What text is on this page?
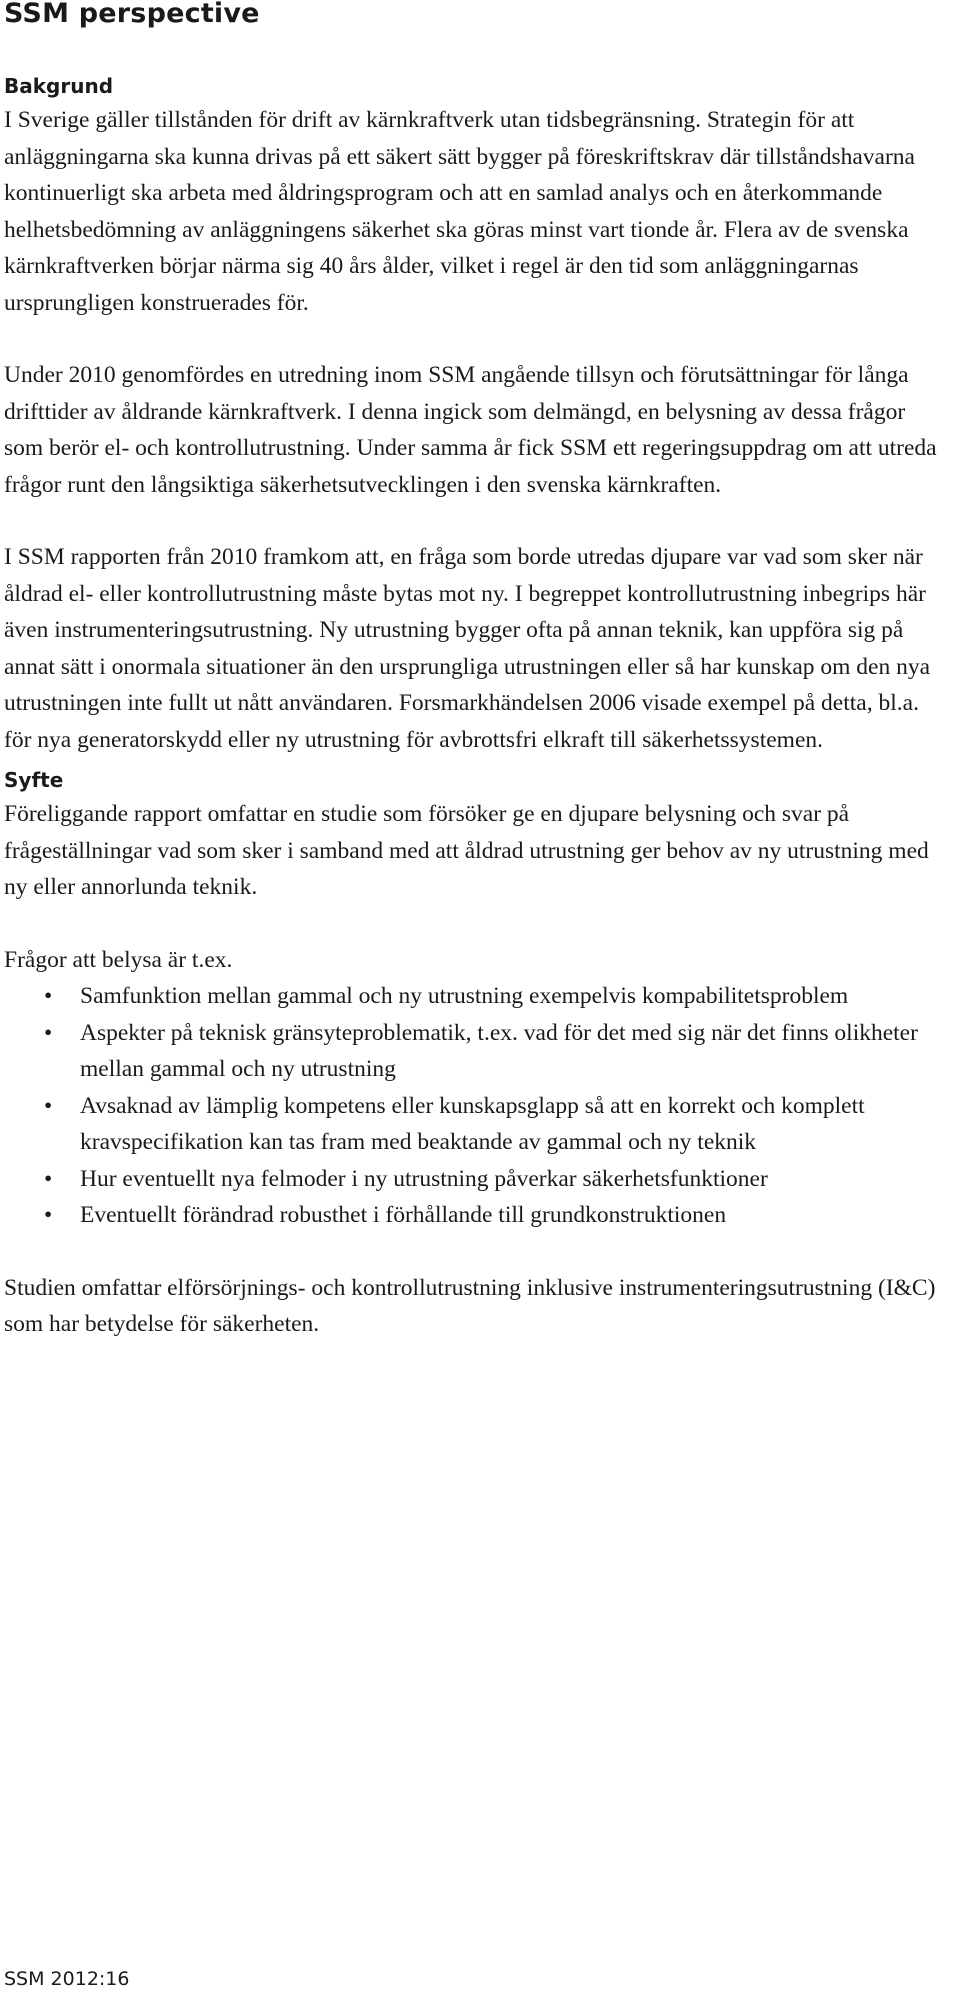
SSM perspective
Bakgrund

I Sverige gäller tillstånden för drift av kärnkraftverk utan tidsbegränsning. Strategin för att anläggningarna ska kunna drivas på ett säkert sätt bygger på föreskriftskrav där tillståndshavarna kontinuerligt ska arbeta med åldringsprogram och att en samlad analys och en återkommande helhetsbedömning av anläggningens säkerhet ska göras minst vart tionde år. Flera av de svenska kärnkraftverken börjar närma sig 40 års ålder, vilket i regel är den tid som anläggningarnas ursprungligen konstruerades för.

Under 2010 genomfördes en utredning inom SSM angående tillsyn och förutsättningar för långa drifttider av åldrande kärnkraftverk. I denna ingick som delmängd, en belysning av dessa frågor som berör el- och kontrollutrustning. Under samma år fick SSM ett regeringsuppdrag om att utreda frågor runt den långsiktiga säkerhetsutvecklingen i den svenska kärnkraften.

I SSM rapporten från 2010 framkom att, en fråga som borde utredas djupare var vad som sker när åldrad el- eller kontrollutrustning måste bytas mot ny. I begreppet kontrollutrustning inbegrips här även instrumenteringsutrustning. Ny utrustning bygger ofta på annan teknik, kan uppföra sig på annat sätt i onormala situationer än den ursprungliga utrustningen eller så har kunskap om den nya utrustningen inte fullt ut nått användaren. Forsmarkhändelsen 2006 visade exempel på detta, bl.a. för nya generatorskydd eller ny utrustning för avbrottsfri elkraft till säkerhetssystemen.

Syfte

Föreliggande rapport omfattar en studie som försöker ge en djupare belysning och svar på frågeställningar vad som sker i samband med att åldrad utrustning ger behov av ny utrustning med ny eller annorlunda teknik.

Frågor att belysa är t.ex.

• Samfunktion mellan gammal och ny utrustning exempelvis kompabilitetsproblem
• Aspekter på teknisk gränsyteproblematik, t.ex. vad för det med sig när det finns olikheter mellan gammal och ny utrustning
• Avsaknad av lämplig kompetens eller kunskapsglapp så att en korrekt och komplett kravspecifikation kan tas fram med beaktande av gammal och ny teknik
• Hur eventuellt nya felmoder i ny utrustning påverkar säkerhetsfunktioner
• Eventuellt förändrad robusthet i förhållande till grundkonstruktionen

Studien omfattar elförsörjnings- och kontrollutrustning inklusive instrumenteringsutrustning (I&C) som har betydelse för säkerheten.

SSM 2012:16
